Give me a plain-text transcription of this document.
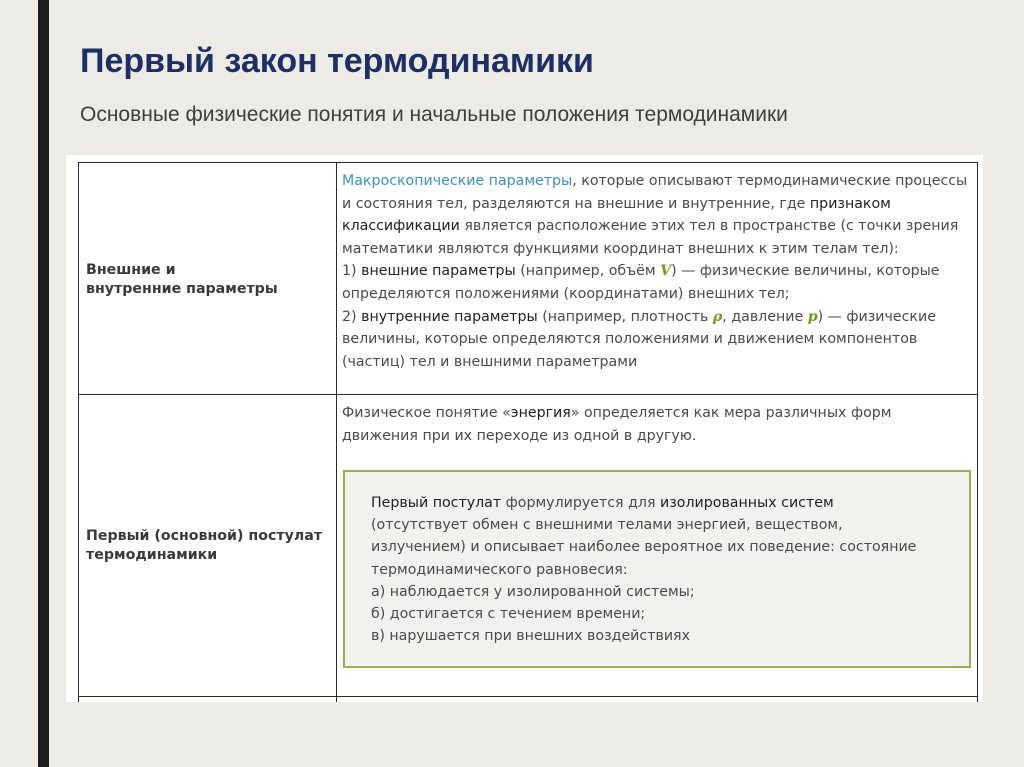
Первый закон термодинамики
Основные физические понятия и начальные положения термодинамики
Внешние и
внутренние параметры
Макроскопические параметры, которые описывают термодинамические процессы и состояния тел, разделяются на внешние и внутренние, где признаком классификации является расположение этих тел в пространстве (с точки зрения математики являются функциями координат внешних к этим телам тел):
1) внешние параметры (например, объём V) — физические величины, которые определяются положениями (координатами) внешних тел;
2) внутренние параметры (например, плотность ρ, давление p) — физические величины, которые определяются положениями и движением компонентов (частиц) тел и внешними параметрами
Первый (основной) постулат
термодинамики
Физическое понятие «энергия» определяется как мера различных форм движения при их переходе из одной в другую.
Первый постулат формулируется для изолированных систем (отсутствует обмен с внешними телами энергией, веществом, излучением) и описывает наиболее вероятное их поведение: состояние термодинамического равновесия:
а) наблюдается у изолированной системы;
б) достигается с течением времени;
в) нарушается при внешних воздействиях
